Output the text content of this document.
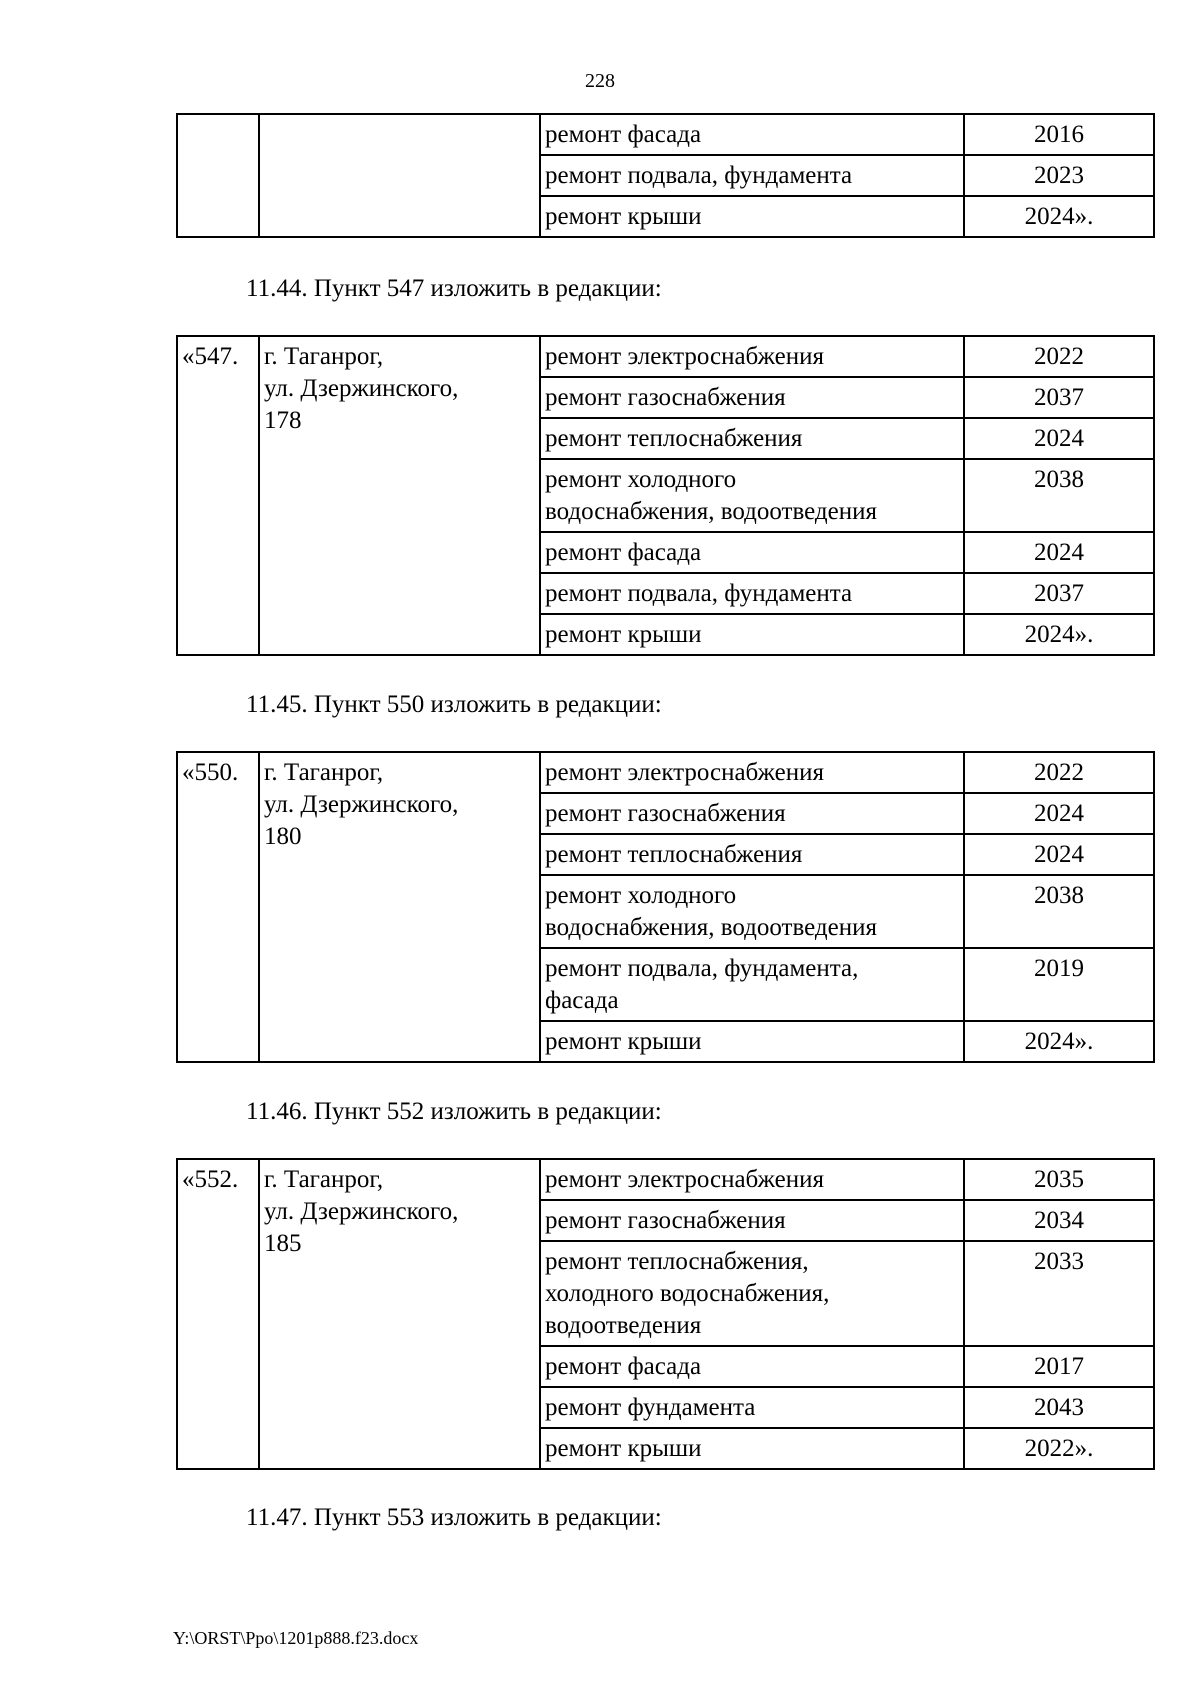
228
		ремонт фасада	2016
		ремонт подвала, фундамента	2023
		ремонт крыши	2024».
11.44. Пункт 547 изложить в редакции:
«547.	г. Таганрог,
ул. Дзержинского,
178	ремонт электроснабжения	2022
		ремонт газоснабжения	2037
		ремонт теплоснабжения	2024

		ремонт холодного
водоснабжения, водоотведения	2038
		ремонт фасада	2024
		ремонт подвала, фундамента	2037
		ремонт крыши	2024».
11.45. Пункт 550 изложить в редакции:
«550.	г. Таганрог,
ул. Дзержинского,
180	ремонт электроснабжения	2022
		ремонт газоснабжения	2024
		ремонт теплоснабжения	2024

		ремонт холодного
водоснабжения, водоотведения	2038

		ремонт подвала, фундамента,
фасада	2019
		ремонт крыши	2024».
11.46. Пункт 552 изложить в редакции:
«552.	г. Таганрог,
ул. Дзержинского,
185	ремонт электроснабжения	2035
		ремонт газоснабжения	2034

		ремонт теплоснабжения,
холодного водоснабжения,
водоотведения	2033
		ремонт фасада	2017
		ремонт фундамента	2043
		ремонт крыши	2022».
11.47. Пункт 553 изложить в редакции:
Y:\ORST\Ppo\1201p888.f23.docx
